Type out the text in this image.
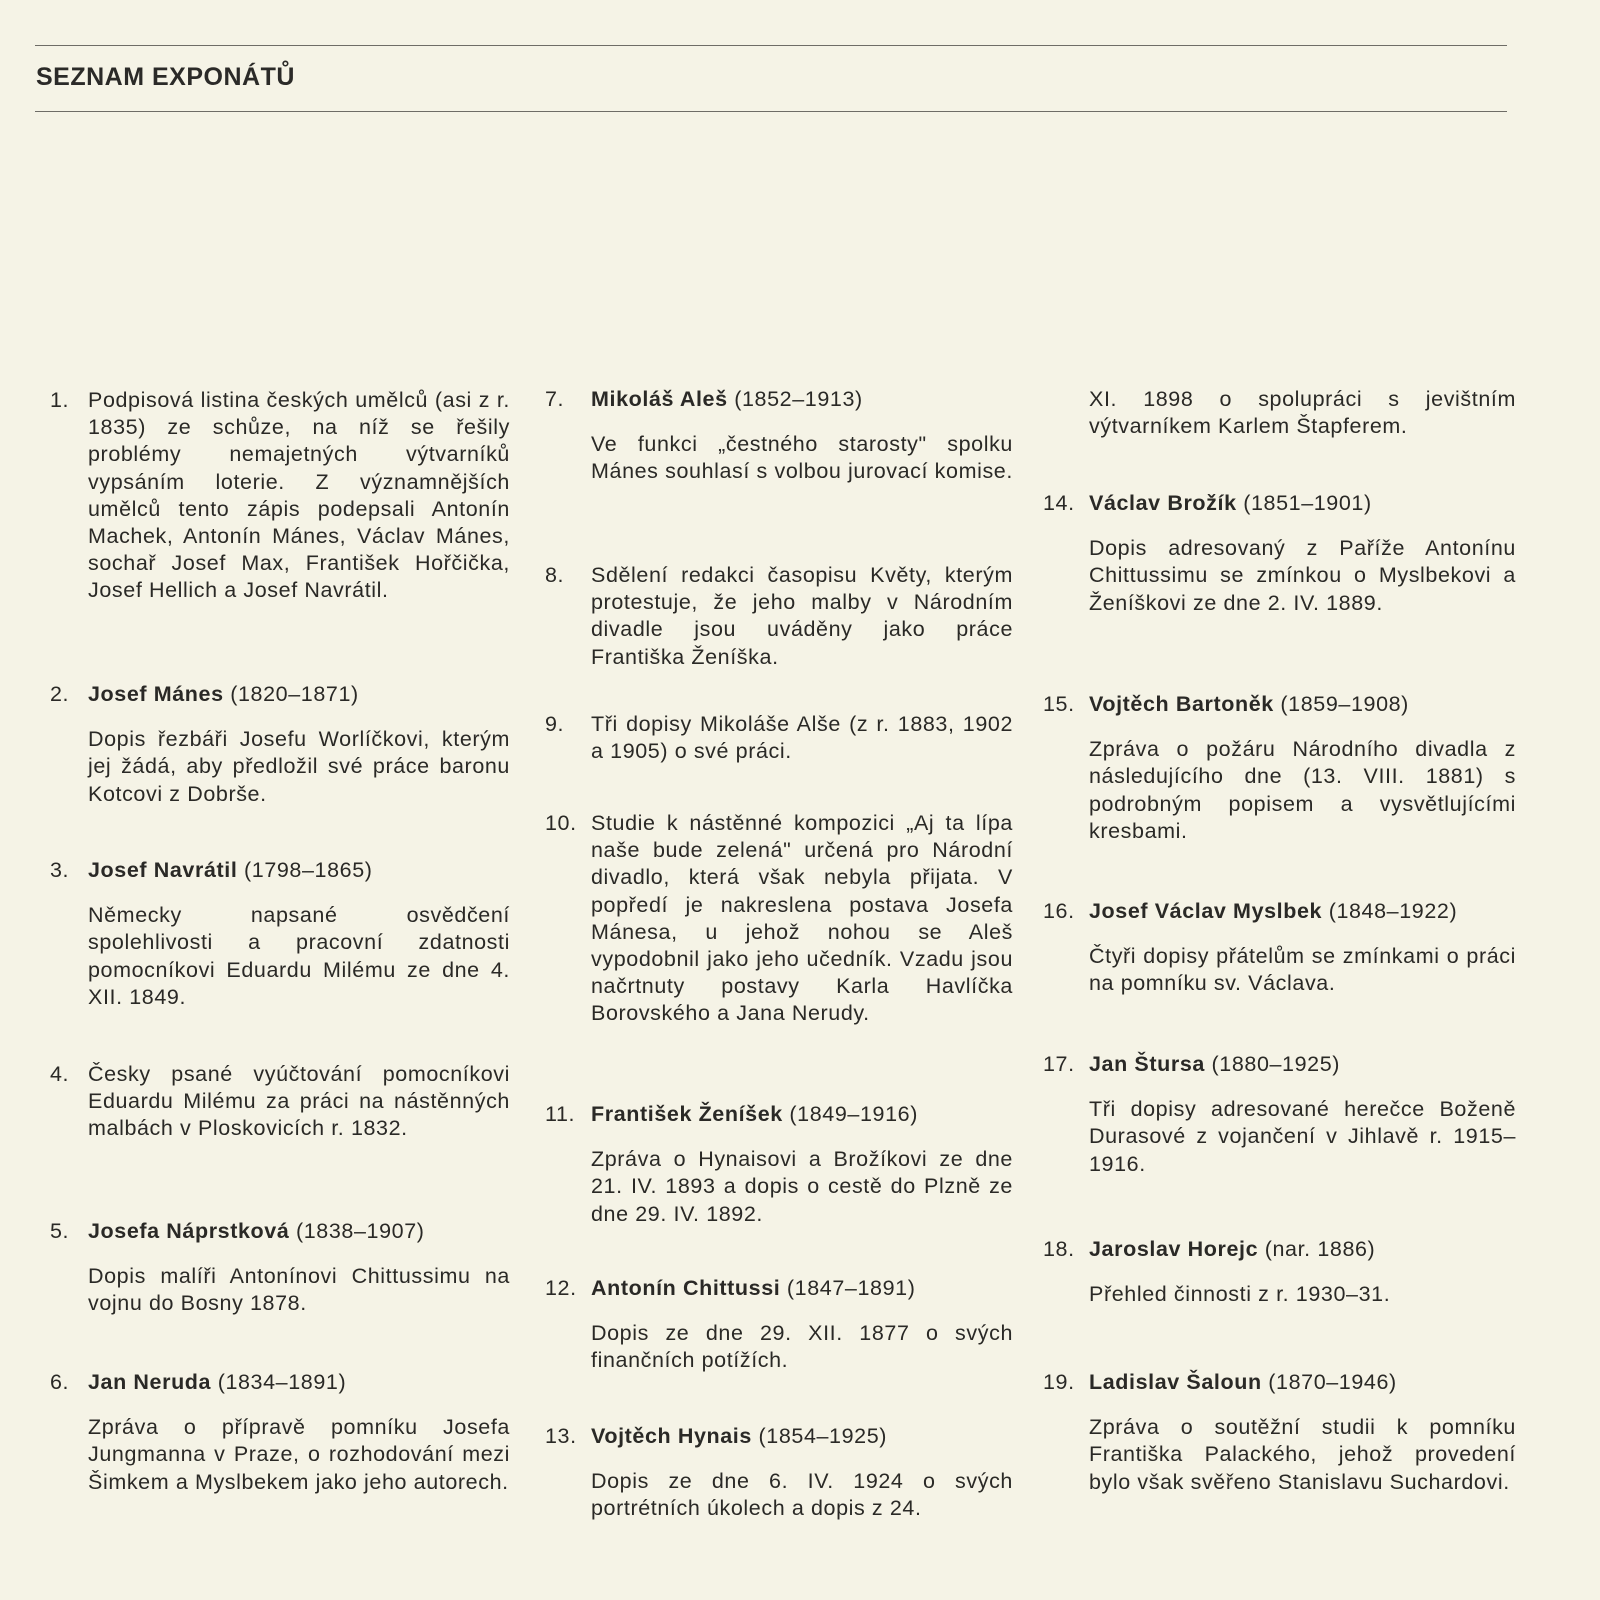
SEZNAM EXPONÁTŮ
1. Podpisová listina českých umělců (asi z r. 1835) ze schůze, na níž se řešily problémy nemajetných výtvarníků vypsáním loterie. Z významnějších umělců tento zápis podepsali Antonín Machek, Antonín Mánes, Václav Mánes, sochař Josef Max, František Hořčička, Josef Hellich a Josef Navrátil.
2. Josef Mánes (1820–1871)
Dopis řezbáři Josefu Worlíčkovi, kterým jej žádá, aby předložil své práce baronu Kotcovi z Dobrše.
3. Josef Navrátil (1798–1865)
Německy napsané osvědčení spolehlivosti a pracovní zdatnosti pomocníkovi Eduardu Milému ze dne 4. XII. 1849.
4. Česky psané vyúčtování pomocníkovi Eduardu Milému za práci na nástěnných malbách v Ploskovicích r. 1832.
5. Josefa Náprstková (1838–1907)
Dopis malíři Antonínovi Chittussimu na vojnu do Bosny 1878.
6. Jan Neruda (1834–1891)
Zpráva o přípravě pomníku Josefa Jungmanna v Praze, o rozhodování mezi Šimkem a Myslbekem jako jeho autorech.
7. Mikoláš Aleš (1852–1913)
Ve funkci „čestného starosty" spolku Mánes souhlasí s volbou jurovací komise.
8. Sdělení redakci časopisu Květy, kterým protestuje, že jeho malby v Národním divadle jsou uváděny jako práce Františka Ženíška.
9. Tři dopisy Mikoláše Alše (z r. 1883, 1902 a 1905) o své práci.
10. Studie k nástěnné kompozici „Aj ta lípa naše bude zelená" určená pro Národní divadlo, která však nebyla přijata. V popředí je nakreslena postava Josefa Mánesa, u jehož nohou se Aleš vypodobnil jako jeho učedník. Vzadu jsou načrtnuty postavy Karla Havlíčka Borovského a Jana Nerudy.
11. František Ženíšek (1849–1916)
Zpráva o Hynaisovi a Brožíkovi ze dne 21. IV. 1893 a dopis o cestě do Plzně ze dne 29. IV. 1892.
12. Antonín Chittussi (1847–1891)
Dopis ze dne 29. XII. 1877 o svých finančních potížích.
13. Vojtěch Hynais (1854–1925)
Dopis ze dne 6. IV. 1924 o svých portrétních úkolech a dopis z 24.
XI. 1898 o spolupráci s jevištním výtvarníkem Karlem Štapferem.
14. Václav Brožík (1851–1901)
Dopis adresovaný z Paříže Antonínu Chittussimu se zmínkou o Myslbekovi a Ženíškovi ze dne 2. IV. 1889.
15. Vojtěch Bartoněk (1859–1908)
Zpráva o požáru Národního divadla z následujícího dne (13. VIII. 1881) s podrobným popisem a vysvětlujícími kresbami.
16. Josef Václav Myslbek (1848–1922)
Čtyři dopisy přátelům se zmínkami o práci na pomníku sv. Václava.
17. Jan Štursa (1880–1925)
Tři dopisy adresované herečce Boženě Durasové z vojančení v Jihlavě r. 1915–1916.
18. Jaroslav Horejc (nar. 1886)
Přehled činnosti z r. 1930–31.
19. Ladislav Šaloun (1870–1946)
Zpráva o soutěžní studii k pomníku Františka Palackého, jehož provedení bylo však svěřeno Stanislavu Suchardovi.
